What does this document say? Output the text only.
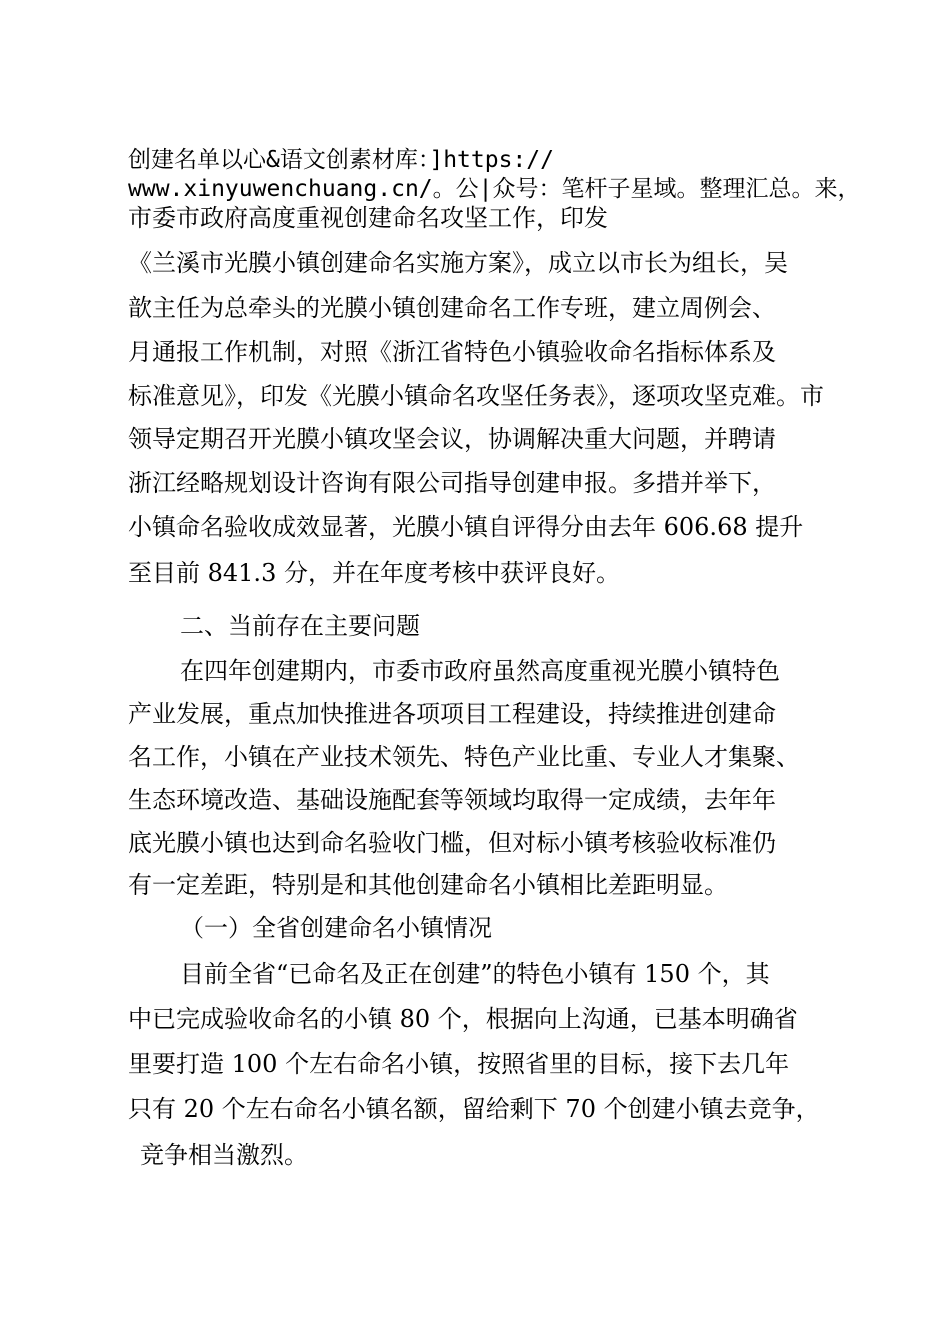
创建名单以心&语文创素材库：]https://
www.xinyuwenchuang.cn/。公|众号：笔杆子星域。整理汇总。来，
市委市政府高度重视创建命名攻坚工作，印发
《兰溪市光膜小镇创建命名实施方案》，成立以市长为组长，吴
歆主任为总牵头的光膜小镇创建命名工作专班，建立周例会、
月通报工作机制，对照《浙江省特色小镇验收命名指标体系及
标准意见》，印发《光膜小镇命名攻坚任务表》，逐项攻坚克难。市
领导定期召开光膜小镇攻坚会议，协调解决重大问题，并聘请
浙江经略规划设计咨询有限公司指导创建申报。多措并举下，
小镇命名验收成效显著，光膜小镇自评得分由去年 606.68 提升
至目前 841.3 分，并在年度考核中获评良好。
二、当前存在主要问题
在四年创建期内，市委市政府虽然高度重视光膜小镇特色
产业发展，重点加快推进各项项目工程建设，持续推进创建命
名工作，小镇在产业技术领先、特色产业比重、专业人才集聚、
生态环境改造、基础设施配套等领域均取得一定成绩，去年年
底光膜小镇也达到命名验收门槛，但对标小镇考核验收标准仍
有一定差距，特别是和其他创建命名小镇相比差距明显。
（一）全省创建命名小镇情况
目前全省“已命名及正在创建”的特色小镇有 150 个，其
中已完成验收命名的小镇 80 个，根据向上沟通，已基本明确省
里要打造 100 个左右命名小镇，按照省里的目标，接下去几年
只有 20 个左右命名小镇名额，留给剩下 70 个创建小镇去竞争，
竞争相当激烈。
